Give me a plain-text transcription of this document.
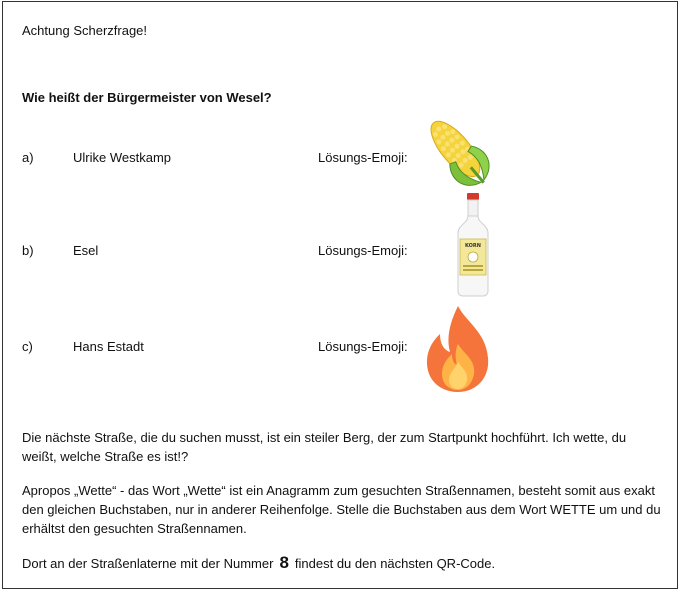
Achtung Scherzfrage!
Wie heißt der Bürgermeister von Wesel?
a)	Ulrike Westkamp	Lösungs-Emoji:
b)	Esel	Lösungs-Emoji:	KORN
c)	Hans Estadt	Lösungs-Emoji:
Die nächste Straße, die du suchen musst, ist ein steiler Berg, der zum Startpunkt hochführt. Ich wette, du weißt, welche Straße es ist!?
Apropos „Wette“ - das Wort „Wette“ ist ein Anagramm zum gesuchten Straßennamen, besteht somit aus exakt den gleichen Buchstaben, nur in anderer Reihenfolge. Stelle die Buchstaben aus dem Wort WETTE um und du erhältst den gesuchten Straßennamen.
Dort an der Straßenlaterne mit der Nummer 8 findest du den nächsten QR-Code.
